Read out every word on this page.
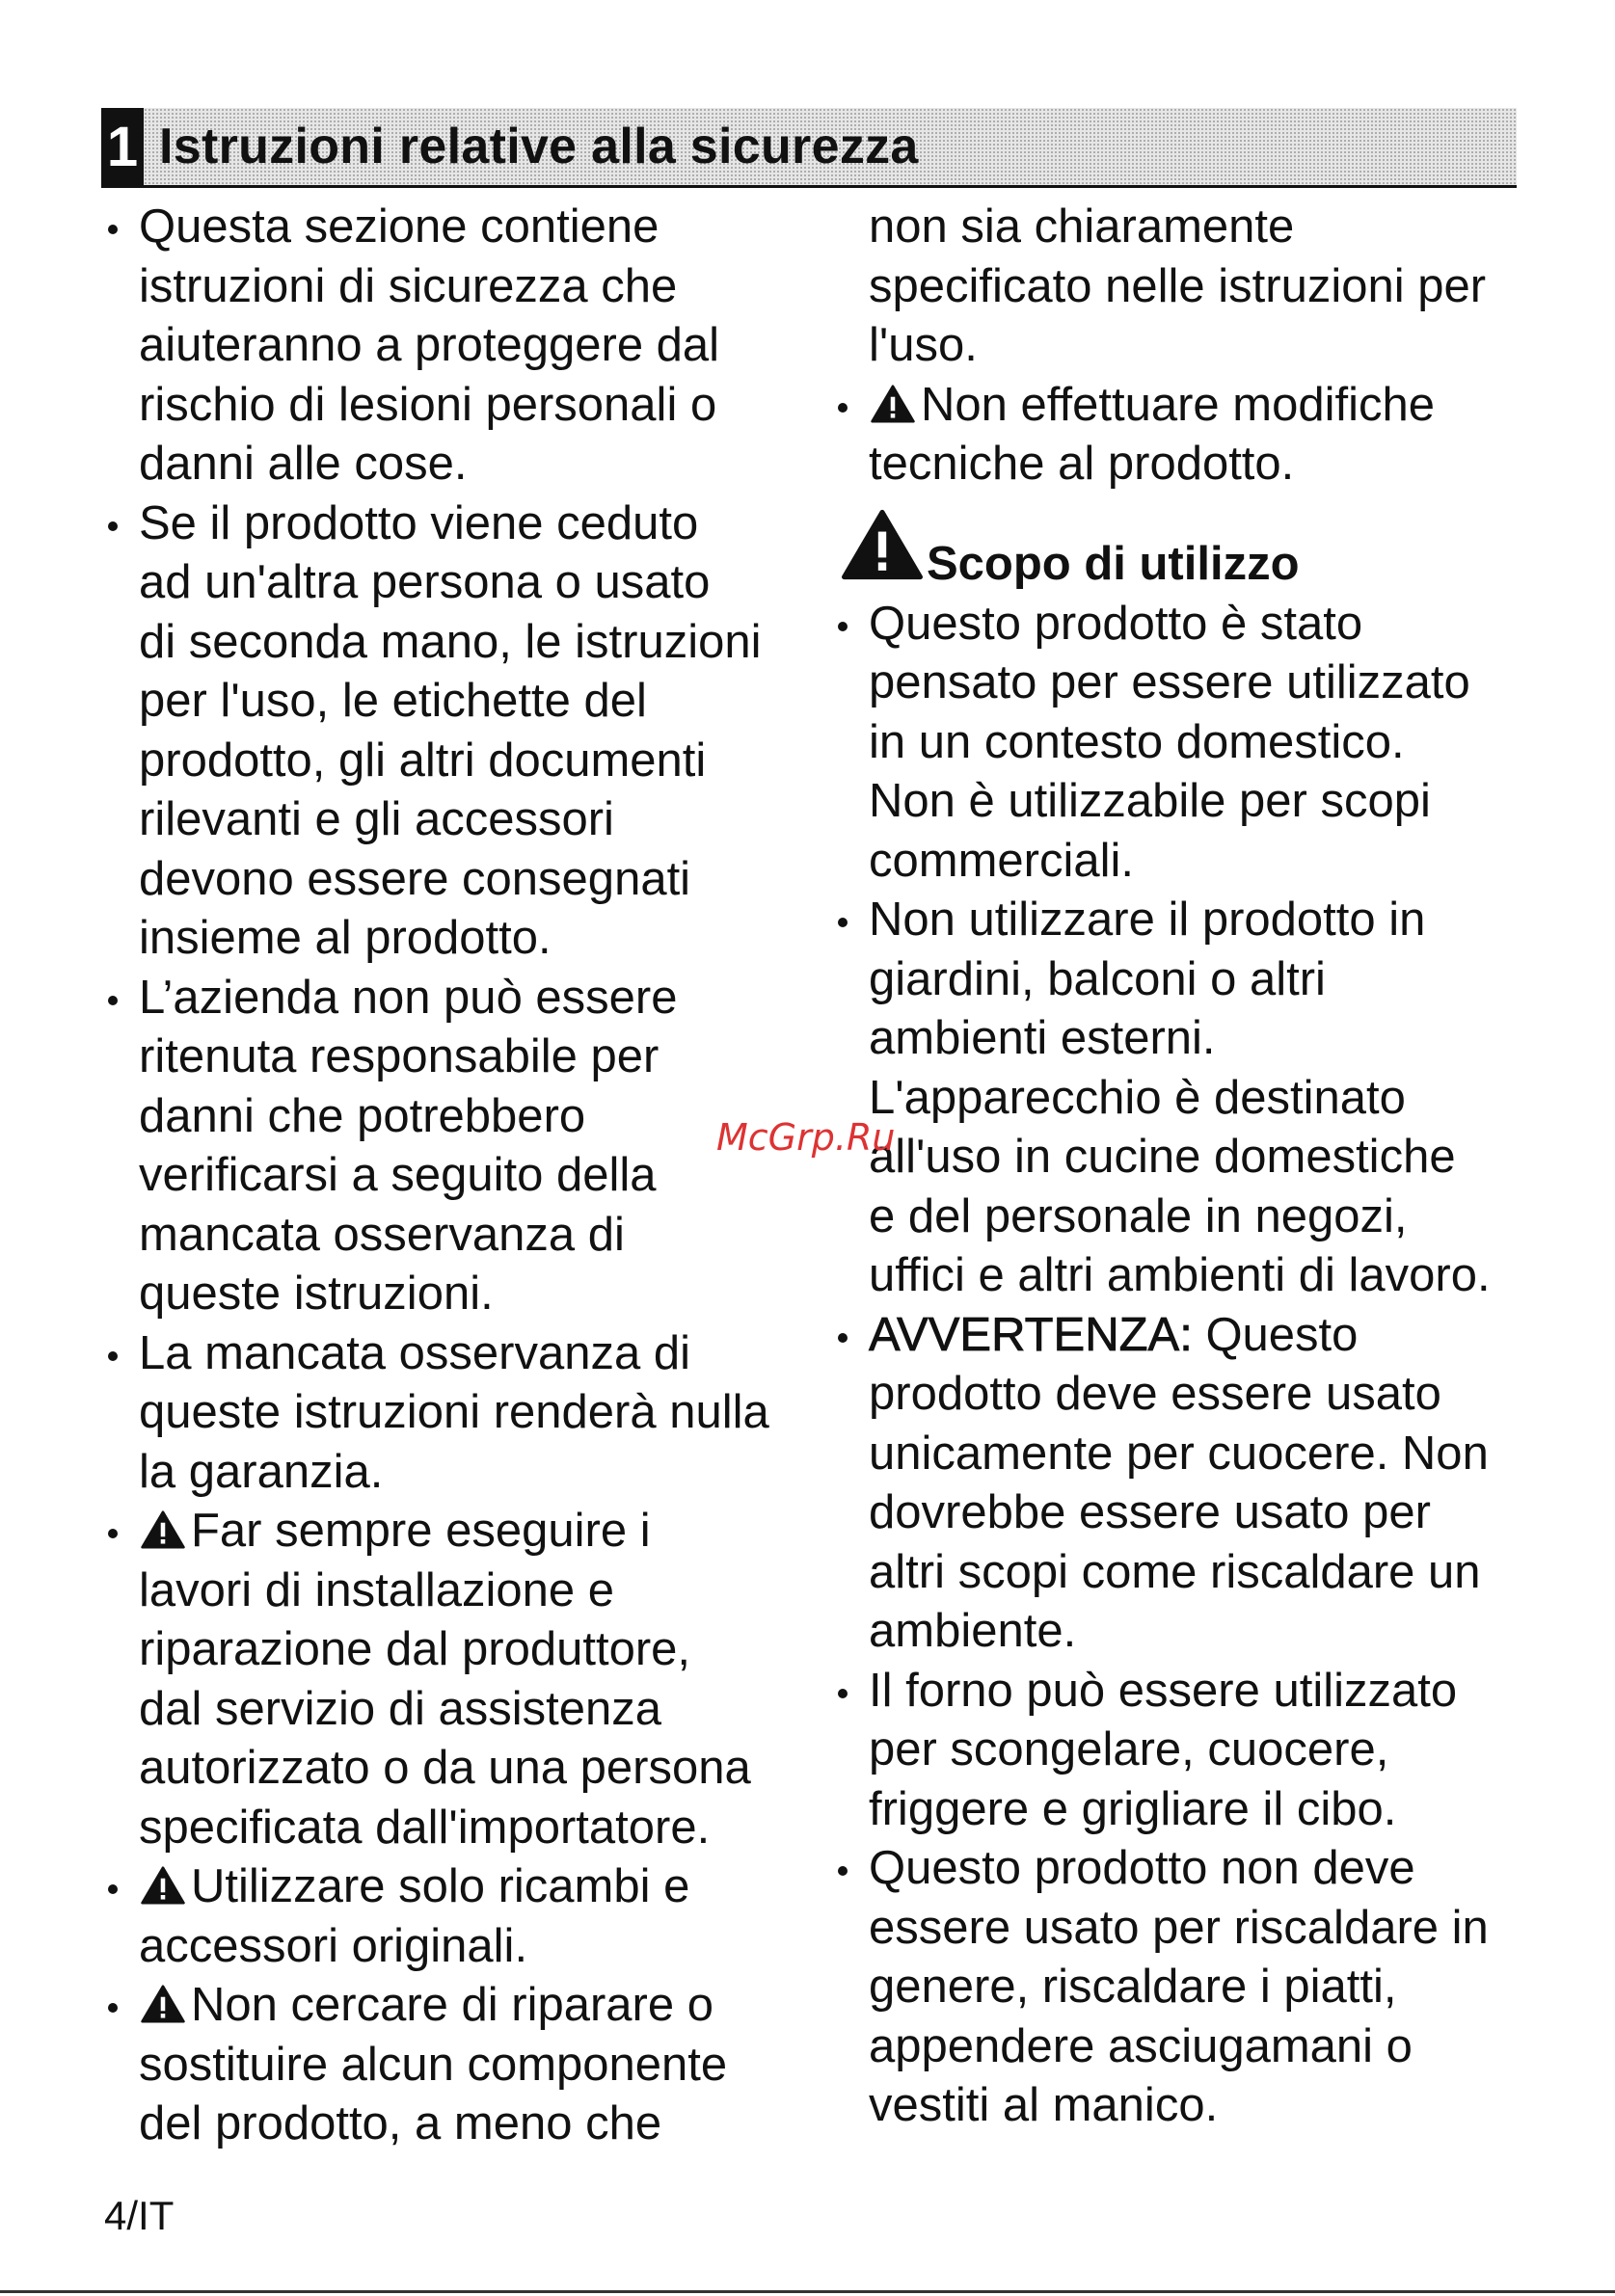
1 Istruzioni relative alla sicurezza
Questa sezione contiene
istruzioni di sicurezza che
aiuteranno a proteggere dal
rischio di lesioni personali o
danni alle cose.
Se il prodotto viene ceduto
ad un'altra persona o usato
di seconda mano, le istruzioni
per l'uso, le etichette del
prodotto, gli altri documenti
rilevanti e gli accessori
devono essere consegnati
insieme al prodotto.
L’azienda non può essere
ritenuta responsabile per
danni che potrebbero
verificarsi a seguito della
mancata osservanza di
queste istruzioni.
La mancata osservanza di
queste istruzioni renderà nulla
la garanzia.
Far sempre eseguire i
lavori di installazione e
riparazione dal produttore,
dal servizio di assistenza
autorizzato o da una persona
specificata dall'importatore.
Utilizzare solo ricambi e
accessori originali.
Non cercare di riparare o
sostituire alcun componente
del prodotto, a meno che
non sia chiaramente
specificato nelle istruzioni per
l'uso.
Non effettuare modifiche
tecniche al prodotto.
Scopo di utilizzo
Questo prodotto è stato
pensato per essere utilizzato
in un contesto domestico.
Non è utilizzabile per scopi
commerciali.
Non utilizzare il prodotto in
giardini, balconi o altri
ambienti esterni.
L'apparecchio è destinato
all'uso in cucine domestiche
e del personale in negozi,
uffici e altri ambienti di lavoro.
AVVERTENZA: Questo
prodotto deve essere usato
unicamente per cuocere. Non
dovrebbe essere usato per
altri scopi come riscaldare un
ambiente.
Il forno può essere utilizzato
per scongelare, cuocere,
friggere e grigliare il cibo.
Questo prodotto non deve
essere usato per riscaldare in
genere, riscaldare i piatti,
appendere asciugamani o
vestiti al manico.
McGrp.Ru
4/IT
